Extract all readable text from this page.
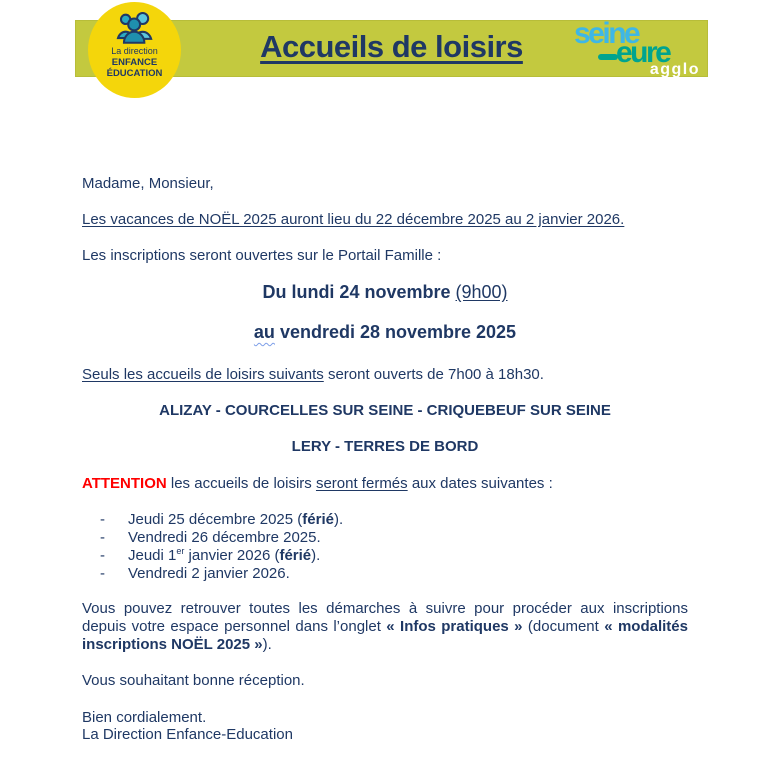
Accueils de loisirs	seine
eure
agglo
La direction
ENFANCE
ÉDUCATION

Madame, Monsieur,

Les vacances de NOËL 2025 auront lieu du 22 décembre 2025 au 2 janvier 2026.

Les inscriptions seront ouvertes sur le Portail Famille :

Du lundi 24 novembre (9h00)

au vendredi 28 novembre 2025

Seuls les accueils de loisirs suivants seront ouverts de 7h00 à 18h30.

ALIZAY - COURCELLES SUR SEINE - CRIQUEBEUF SUR SEINE

LERY - TERRES DE BORD

ATTENTION les accueils de loisirs seront fermés aux dates suivantes :

- Jeudi 25 décembre 2025 (férié).
- Vendredi 26 décembre 2025.
- Jeudi 1er janvier 2026 (férié).
- Vendredi 2 janvier 2026.

Vous pouvez retrouver toutes les démarches à suivre pour procéder aux inscriptions depuis votre espace personnel dans l’onglet « Infos pratiques » (document « modalités inscriptions NOËL 2025 »).

Vous souhaitant bonne réception.

Bien cordialement.

La Direction Enfance-Education
